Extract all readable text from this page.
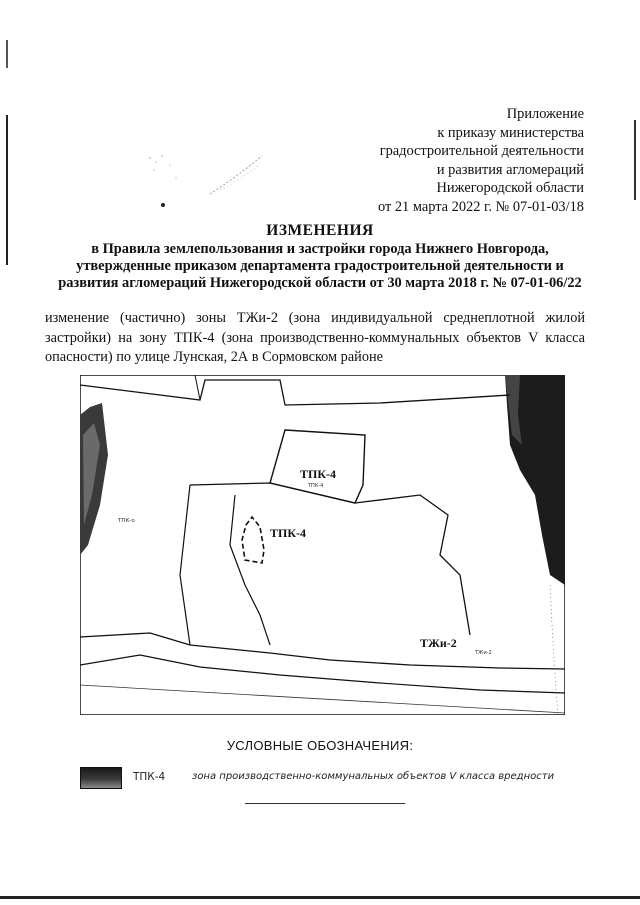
Приложение
к приказу министерства
градостроительной деятельности
и развития агломераций
Нижегородской области
от 21 марта 2022 г. № 07-01-03/18
ИЗМЕНЕНИЯ
в Правила землепользования и застройки города Нижнего Новгорода,
утвержденные приказом департамента градостроительной деятельности и
развития агломераций Нижегородской области от 30 марта 2018 г. № 07-01-06/22
изменение (частично) зоны ТЖи-2 (зона индивидуальной среднеплотной жилой
застройки) на зону ТПК-4 (зона производственно-коммунальных объектов V класса
опасности) по улице Лунская, 2А в Сормовском районе
ТПК-4
ТПК-4
ТПК-4
ТЖи-2
ТЖи-2
ТПК-о
УСЛОВНЫЕ ОБОЗНАЧЕНИЯ:
ТПК-4	зона производственно-коммунальных объектов V класса вредности
